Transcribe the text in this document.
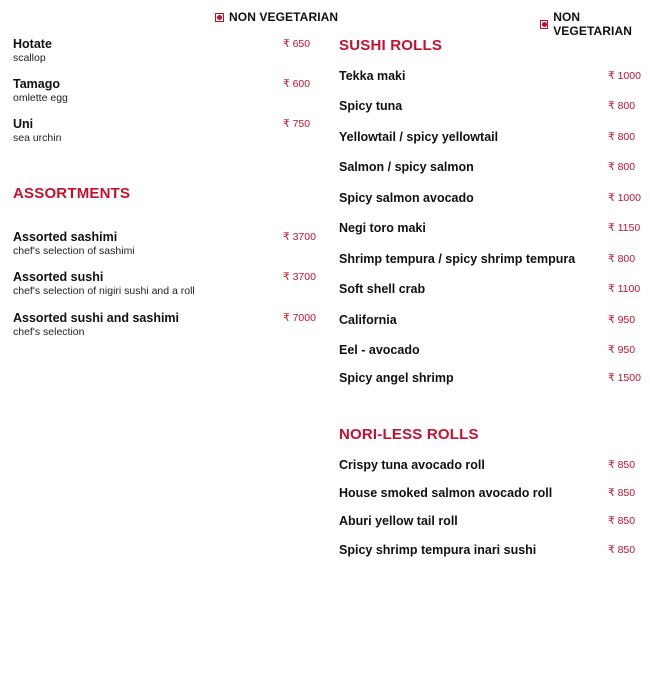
NON VEGETARIAN	NON VEGETARIAN
Hotate
scallop
₹ 650
Tamago
omlette egg
₹ 600
Uni
sea urchin
₹ 750
ASSORTMENTS
Assorted sashimi
chef's selection of sashimi
₹ 3700
Assorted sushi
chef's selection of nigiri sushi and a roll
₹ 3700
Assorted sushi and sashimi
chef's selection
₹ 7000
SUSHI ROLLS
Tekka maki	₹ 1000
Spicy tuna	₹ 800
Yellowtail / spicy yellowtail	₹ 800
Salmon / spicy salmon	₹ 800
Spicy salmon avocado	₹ 1000
Negi toro maki	₹ 1150
Shrimp tempura / spicy shrimp tempura	₹ 800
Soft shell crab	₹ 1100
California	₹ 950
Eel - avocado	₹ 950
Spicy angel shrimp	₹ 1500
NORI-LESS ROLLS
Crispy tuna avocado roll	₹ 850
House smoked salmon avocado roll	₹ 850
Aburi yellow tail roll	₹ 850
Spicy shrimp tempura inari sushi	₹ 850
